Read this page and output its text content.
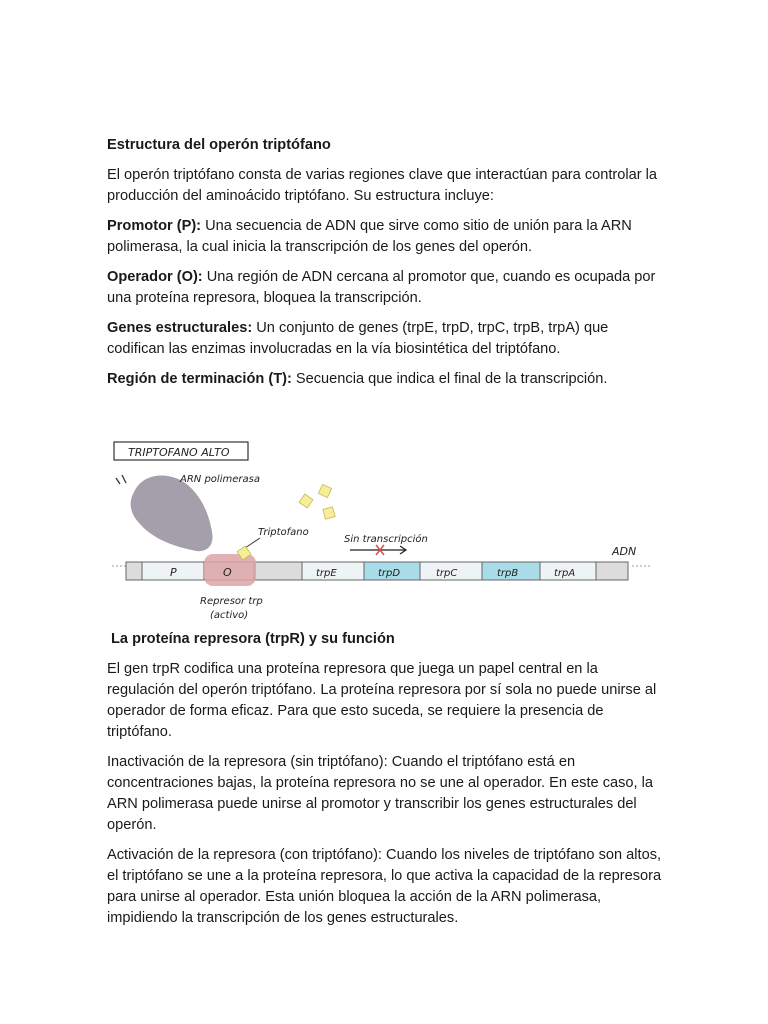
Estructura del operón triptófano

El operón triptófano consta de varias regiones clave que interactúan para controlar la producción del aminoácido triptófano. Su estructura incluye:

Promotor (P): Una secuencia de ADN que sirve como sitio de unión para la ARN polimerasa, la cual inicia la transcripción de los genes del operón.

Operador (O): Una región de ADN cercana al promotor que, cuando es ocupada por una proteína represora, bloquea la transcripción.

Genes estructurales: Un conjunto de genes (trpE, trpD, trpC, trpB, trpA) que codifican las enzimas involucradas en la vía biosintética del triptófano.

Región de terminación (T): Secuencia que indica el final de la transcripción.

TRIPTOFANO ALTO
ARN polimerasa
Triptofano
P	O	trpE	trpD	trpC	trpB	trpA
Sin transcripción
ADN
Represor trp
(activo)

La proteína represora (trpR) y su función

El gen trpR codifica una proteína represora que juega un papel central en la regulación del operón triptófano. La proteína represora por sí sola no puede unirse al operador de forma eficaz. Para que esto suceda, se requiere la presencia de triptófano.

Inactivación de la represora (sin triptófano): Cuando el triptófano está en concentraciones bajas, la proteína represora no se une al operador. En este caso, la ARN polimerasa puede unirse al promotor y transcribir los genes estructurales del operón.

Activación de la represora (con triptófano): Cuando los niveles de triptófano son altos, el triptófano se une a la proteína represora, lo que activa la capacidad de la represora para unirse al operador. Esta unión bloquea la acción de la ARN polimerasa, impidiendo la transcripción de los genes estructurales.
